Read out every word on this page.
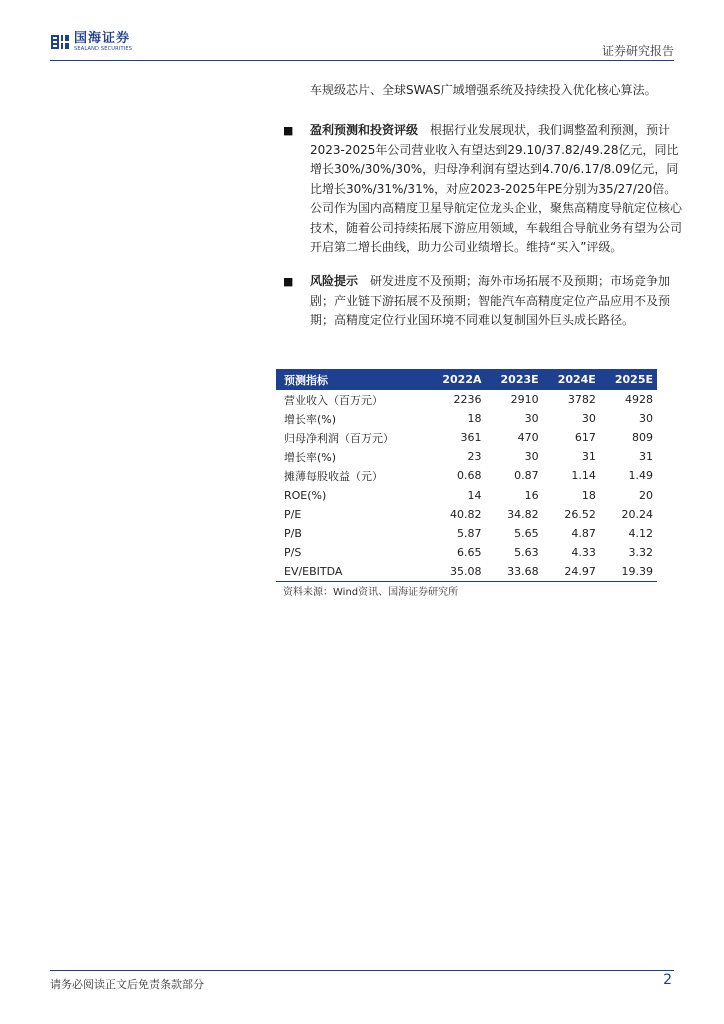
国海证券
SEALAND SECURITIES	证券研究报告
车规级芯片、全球SWAS广域增强系统及持续投入优化核心算法。
■ 盈利预测和投资评级 根据行业发展现状，我们调整盈利预测，预计2023-2025年公司营业收入有望达到29.10/37.82/49.28亿元，同比增长30%/30%/30%，归母净利润有望达到4.70/6.17/8.09亿元，同比增长30%/31%/31%，对应2023-2025年PE分别为35/27/20倍。公司作为国内高精度卫星导航定位龙头企业，聚焦高精度导航定位核心技术，随着公司持续拓展下游应用领域，车载组合导航业务有望为公司开启第二增长曲线，助力公司业绩增长。维持“买入”评级。
■ 风险提示 研发进度不及预期；海外市场拓展不及预期；市场竞争加剧；产业链下游拓展不及预期；智能汽车高精度定位产品应用不及预期；高精度定位行业国环境不同难以复制国外巨头成长路径。
预测指标	2022A	2023E	2024E	2025E
营业收入（百万元）	2236	2910	3782	4928
增长率(%)	18	30	30	30
归母净利润（百万元）	361	470	617	809
增长率(%)	23	30	31	31
摊薄每股收益（元）	0.68	0.87	1.14	1.49
ROE(%)	14	16	18	20
P/E	40.82	34.82	26.52	20.24
P/B	5.87	5.65	4.87	4.12
P/S	6.65	5.63	4.33	3.32
EV/EBITDA	35.08	33.68	24.97	19.39
资料来源：Wind资讯、国海证券研究所
请务必阅读正文后免责条款部分	2
